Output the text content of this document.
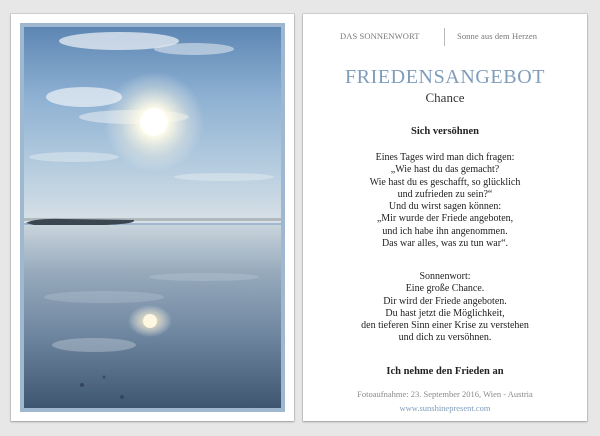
DAS SONNENWORT	Sonne aus dem Herzen
FRIEDENSANGEBOT
Chance
Sich versöhnen
Eines Tages wird man dich fragen:
„Wie hast du das gemacht?
Wie hast du es geschafft, so glücklich
und zufrieden zu sein?“
Und du wirst sagen können:
„Mir wurde der Friede angeboten,
und ich habe ihn angenommen.
Das war alles, was zu tun war“.
Sonnenwort:
Eine große Chance.
Dir wird der Friede angeboten.
Du hast jetzt die Möglichkeit,
den tieferen Sinn einer Krise zu verstehen
und dich zu versöhnen.
Ich nehme den Frieden an
Fotoaufnahme: 23. September 2016, Wien - Austria
www.sunshinepresent.com
